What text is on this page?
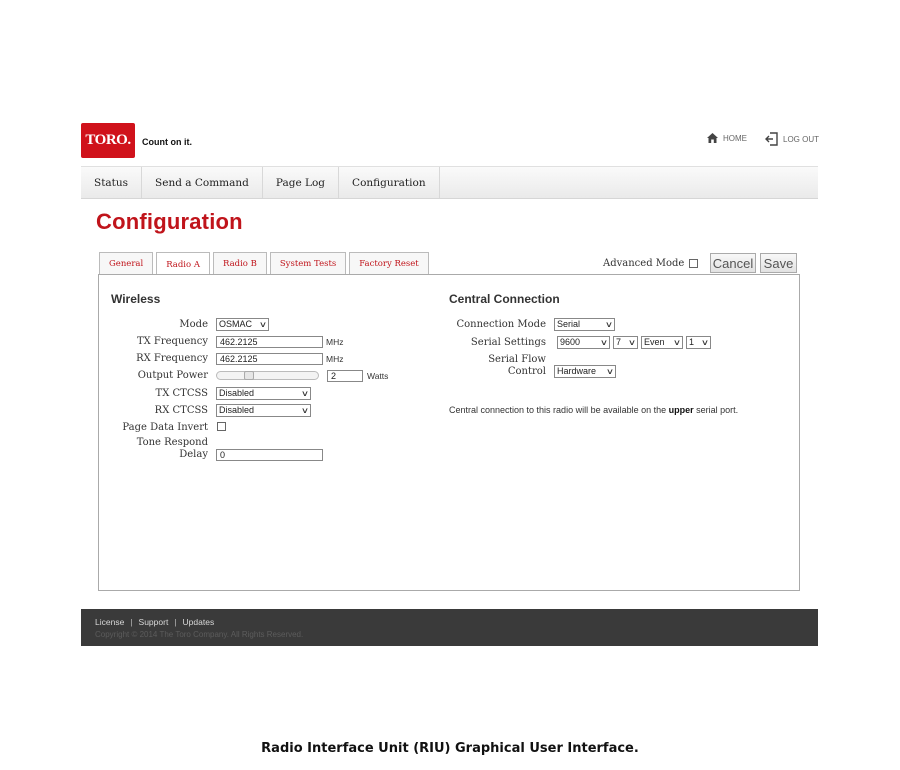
TORO. Count on it.	HOME	LOG OUT
Status	Send a Command	Page Log	Configuration
Configuration
General	Radio A	Radio B	System Tests	Factory Reset	Advanced Mode Cancel Save
Wireless
Mode OSMAC ∨
TX Frequency	462.2125	MHz
RX Frequency	462.2125	MHz
Output Power	2	Watts
TX CTCSS Disabled	∨
RX CTCSS Disabled	∨
Page Data Invert
Tone Respond
Delay	0
Central Connection
Connection Mode Serial	∨
Serial Settings 9600 ∨ 7 ∨ Even ∨ 1 ∨
Serial Flow
Control Hardware ∨
Central connection to this radio will be available on the upper serial port.
License | Support | Updates
Copyright © 2014 The Toro Company. All Rights Reserved.
Radio Interface Unit (RIU) Graphical User Interface.
